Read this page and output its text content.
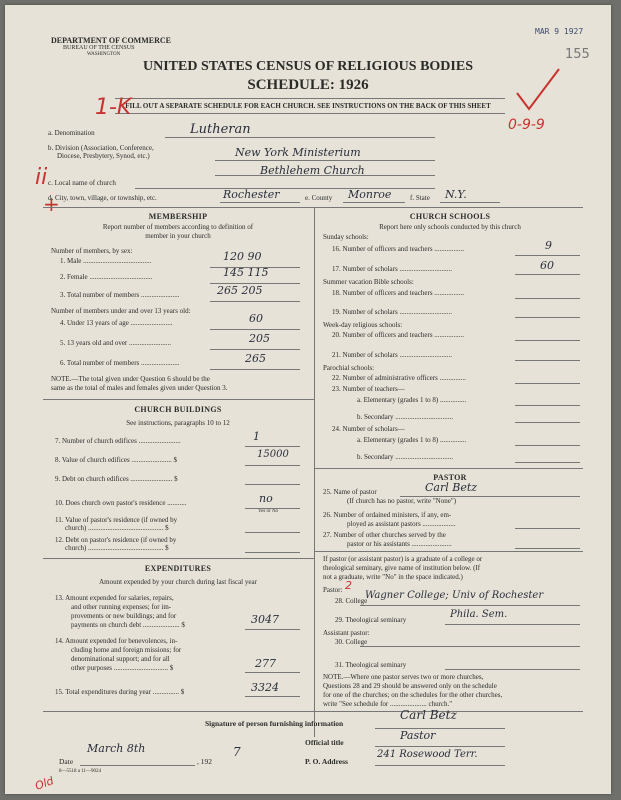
DEPARTMENT OF COMMERCE
BUREAU OF THE CENSUS
WASHINGTON
MAR 9 1927
155
UNITED STATES CENSUS OF RELIGIOUS BODIES
SCHEDULE: 1926
FILL OUT A SEPARATE SCHEDULE FOR EACH CHURCH. SEE INSTRUCTIONS ON THE BACK OF THIS SHEET
1-K
ii
+
0-9-9
Old
a. Denomination	Lutheran
b. Division (Association, Conference,
Diocese, Presbytery, Synod, etc.)	New York Ministerium
c. Local name of church
Bethlehem Church
d. City, town, village, or township, etc.	Rochester	e. County Monroe	f. State N.Y.
MEMBERSHIP
Report number of members according to definition of
member in your church
Number of members, by sex:
1. Male .......................................	120 90
2. Female ....................................	145 115
3. Total number of members ......................	265 205
Number of members under and over 13 years old:
4. Under 13 years of age ........................	60
5. 13 years old and over ........................	205
6. Total number of members ......................	265
NOTE.—The total given under Question 6 should be the
same as the total of males and females given under Question 3.
CHURCH BUILDINGS
See instructions, paragraphs 10 to 12
7. Number of church edifices ........................	1
8. Value of church edifices ....................... $	15000
9. Debt on church edifices ........................ $
10. Does church own pastor's residence ...........	no
Yes or No
11. Value of pastor's residence (if owned by
church) ........................................... $
12. Debt on pastor's residence (if owned by
church) ........................................... $
EXPENDITURES
Amount expended by your church during last fiscal year
13. Amount expended for salaries, repairs,
and other running expenses; for im-
provements or new buildings; and for
payments on church debt ..................... $	3047
14. Amount expended for benevolences, in-
cluding home and foreign missions; for
denominational support; and for all
other purposes ............................... $	277
15. Total expenditures during year ............... $	3324
CHURCH SCHOOLS
Report here only schools conducted by this church
Sunday schools:
16. Number of officers and teachers .................	9
17. Number of scholars ..............................	60
Summer vacation Bible schools:
18. Number of officers and teachers .................
19. Number of scholars ..............................
Week-day religious schools:
20. Number of officers and teachers .................
21. Number of scholars ..............................
Parochial schools:
22. Number of administrative officers ...............
23. Number of teachers—
a. Elementary (grades 1 to 8) ...............
b. Secondary .................................
24. Number of scholars—
a. Elementary (grades 1 to 8) ...............
b. Secondary .................................
PASTOR
25. Name of pastor	Carl Betz
(If church has no pastor, write "None")
26. Number of ordained ministers, if any, em-
ployed as assistant pastors ...................
27. Number of other churches served by the
pastor or his assistants .......................
If pastor (or assistant pastor) is a graduate of a college or
theological seminary, give name of institution below. (If
not a graduate, write "No" in the space indicated.)
Pastor: 2
28. College
Wagner College; Univ of Rochester
29. Theological seminary	Phila. Sem.
Assistant pastor:
30. College
31. Theological seminary
NOTE.—Where one pastor serves two or more churches,
Questions 28 and 29 should be answered only on the schedule
for one of the churches; on the schedules for the other churches,
write "See schedule for ..................... church."
Signature of person furnishing information
Carl Betz
Official title
Pastor
Date
March 8th
, 192
7
P. O. Address
241 Rosewood Terr.
8—5518 a 11—9024
